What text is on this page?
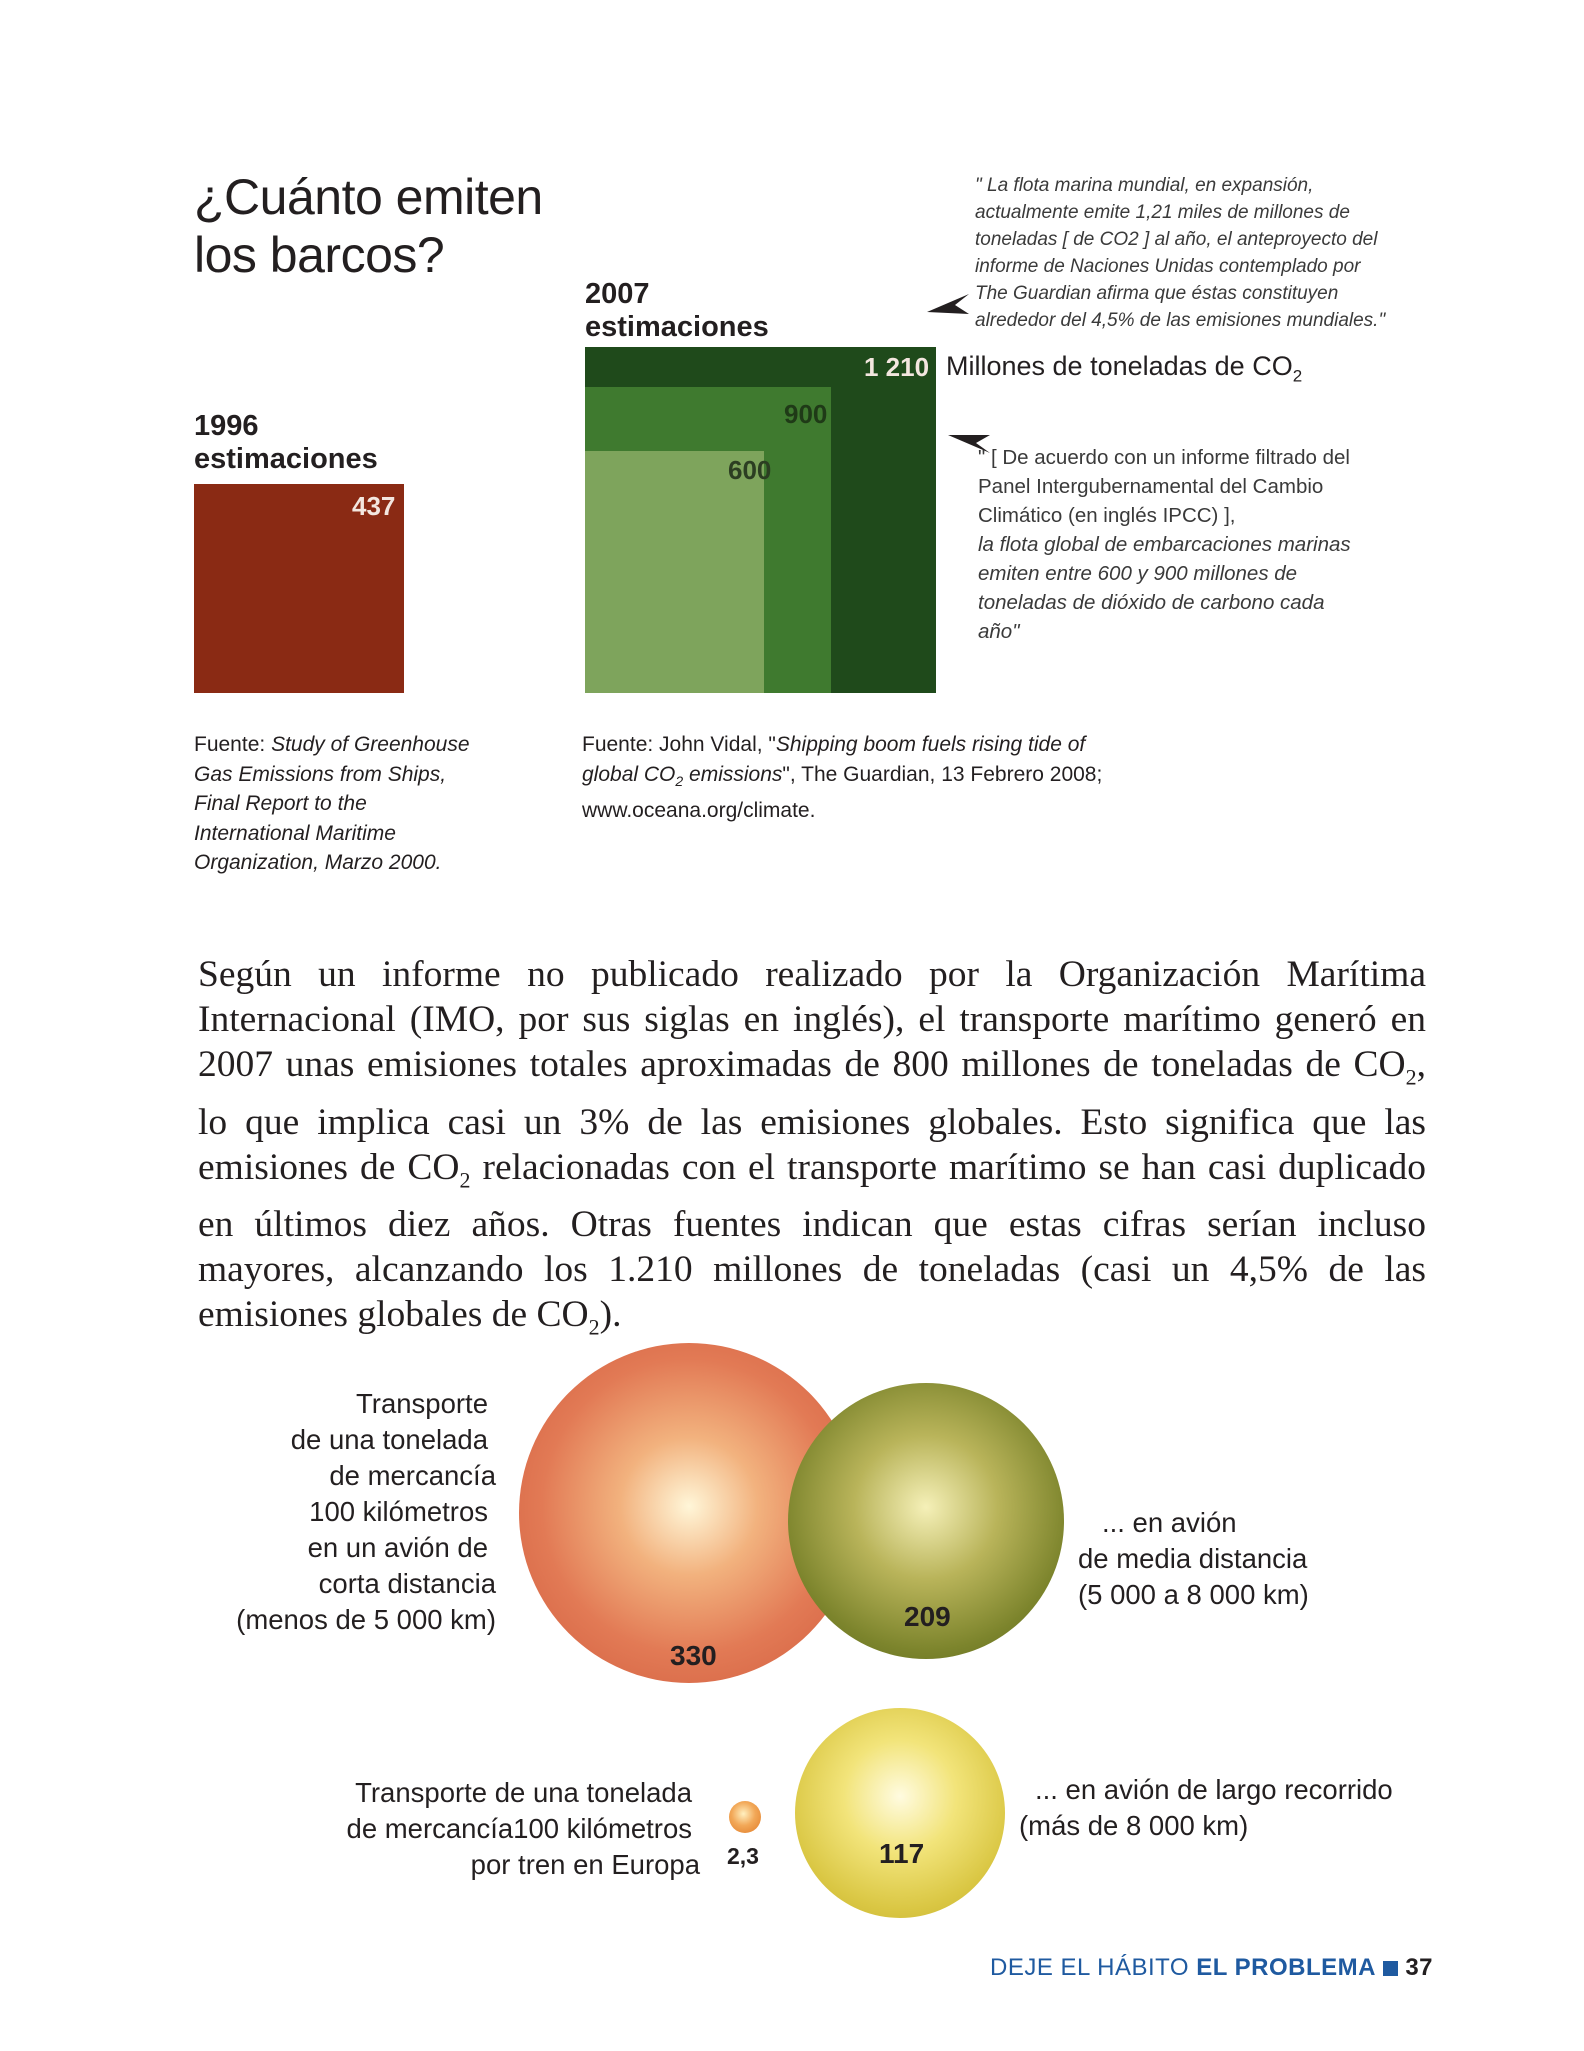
¿Cuánto emiten los barcos?
1996
estimaciones
437
2007
estimaciones
1 210
900
600
Millones de toneladas de $CO_2$
" La flota marina mundial, en expansión,
actualmente emite 1,21 miles de millones de
toneladas [ de CO2 ] al año, el anteproyecto del
informe de Naciones Unidas contemplado por
The Guardian afirma que éstas constituyen
alrededor del 4,5% de las emisiones mundiales."
" [ De acuerdo con un informe filtrado del
Panel Intergubernamental del Cambio
Climático (en inglés IPCC) ],
la flota global de embarcaciones marinas
emiten entre 600 y 900 millones de
toneladas de dióxido de carbono cada
año"
Fuente: Study of Greenhouse
Gas Emissions from Ships,
Final Report to the
International Maritime
Organization, Marzo 2000.
Fuente: John Vidal, "Shipping boom fuels rising tide of
global $CO_2$ emissions", The Guardian, 13 Febrero 2008;
www.oceana.org/climate.

Según un informe no publicado realizado por la Organización Marítima Internacional (IMO, por sus siglas en inglés), el transporte marítimo generó en 2007 unas emisiones totales aproximadas de 800 millones de toneladas de $CO_2$, lo que implica casi un 3% de las emisiones globales. Esto significa que las emisiones de $CO_2$ relacionadas con el transporte marítimo se han casi duplicado en últimos diez años. Otras fuentes indican que estas cifras serían incluso mayores, alcanzando los 1.210 millones de toneladas (casi un 4,5% de las emisiones globales de $CO_2$).

330
209
117
2,3
Transporte
de una tonelada
de mercancía
100 kilómetros
en un avión de
corta distancia
(menos de 5 000 km)
... en avión
de media distancia
(5 000 a 8 000 km)
... en avión de largo recorrido
(más de 8 000 km)
Transporte de una tonelada
de mercancía100 kilómetros
por tren en Europa
DEJE EL HÁBITO EL PROBLEMA 37
